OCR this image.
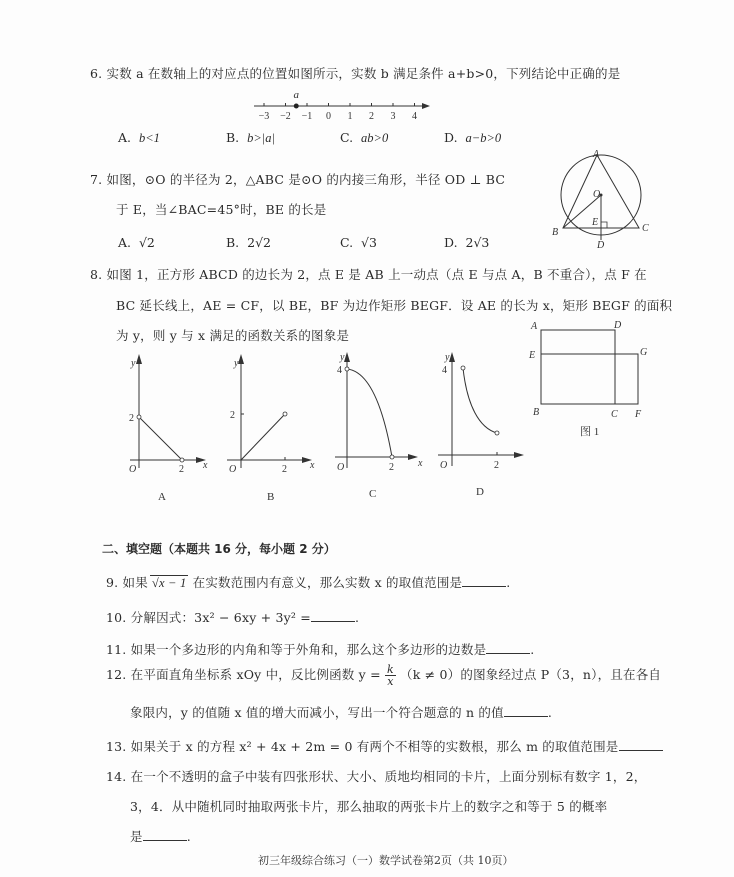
6. 实数 a 在数轴上的对应点的位置如图所示，实数 b 满足条件 a+b>0，下列结论中正确的是
−3 −2 −1 0 1 2 3 4
a
A. b<1	B. b>|a|	C. ab>0	D. a−b>0
7. 如图，⊙O 的半径为 2，△ABC 是⊙O 的内接三角形，半径 OD ⊥ BC
于 E，当∠BAC=45°时，BE 的长是
A. √2	B. 2√2	C. √3	D. 2√3
A
O
E
B	C
D
8. 如图 1，正方形 ABCD 的边长为 2，点 E 是 AB 上一动点（点 E 与点 A，B 不重合），点 F 在
BC 延长线上，AE = CF，以 BE，BF 为边作矩形 BEGF．设 AE 的长为 x，矩形 BEGF 的面积
为 y，则 y 与 x 满足的函数关系的图象是
A	D
E	G
B	C F
图 1
y
2
O	2 x
A
y
2
O	2 x
B
y
4
O	2 x
C
y
4
O	2
D
二、填空题（本题共 16 分，每小题 2 分）
9. 如果 √x − 1 在实数范围内有意义，那么实数 x 的取值范围是	.
10. 分解因式：3x² − 6xy + 3y² =	.
11. 如果一个多边形的内角和等于外角和，那么这个多边形的边数是	.
12. 在平面直角坐标系 xOy 中，反比例函数 $y = \frac{k}{x} (k \ne 0)$的图象经过点 P（3，n），且在各自
象限内，y 的值随 x 值的增大而减小，写出一个符合题意的 n 的值	.
13. 如果关于 x 的方程 x² + 4x + 2m = 0 有两个不相等的实数根，那么 m 的取值范围是
14. 在一个不透明的盒子中装有四张形状、大小、质地均相同的卡片，上面分别标有数字 1，2，
3，4．从中随机同时抽取两张卡片，那么抽取的两张卡片上的数字之和等于 5 的概率
是	.
初三年级综合练习（一）数学试卷第2页（共 10页）
